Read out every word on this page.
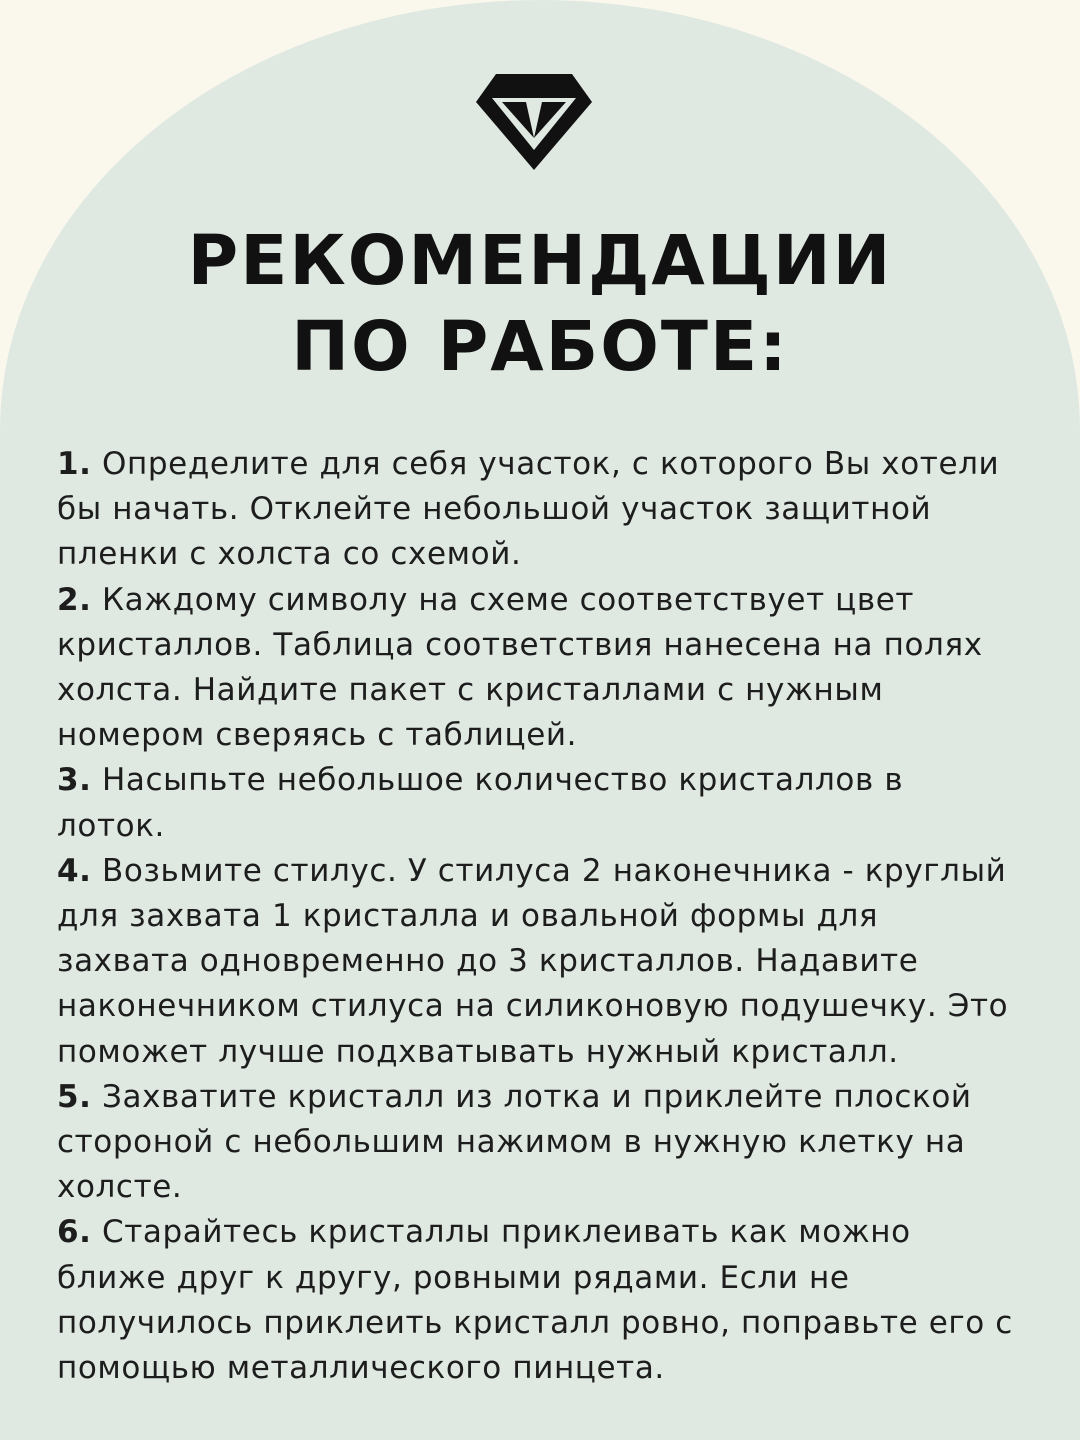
РЕКОМЕНДАЦИИ
ПО РАБОТЕ:
1. Определите для себя участок, с которого Вы хотели бы начать. Отклейте небольшой участок защитной пленки с холста со схемой.
2. Каждому символу на схеме соответствует цвет кристаллов. Таблица соответствия нанесена на полях холста. Найдите пакет с кристаллами с нужным номером сверяясь с таблицей.
3. Насыпьте небольшое количество кристаллов в лоток.
4. Возьмите стилус. У стилуса 2 наконечника - круглый для захвата 1 кристалла и овальной формы для захвата одновременно до 3 кристаллов. Надавите наконечником стилуса на силиконовую подушечку. Это поможет лучше подхватывать нужный кристалл.
5. Захватите кристалл из лотка и приклейте плоской стороной с небольшим нажимом в нужную клетку на холсте.
6. Старайтесь кристаллы приклеивать как можно ближе друг к другу, ровными рядами. Если не получилось приклеить кристалл ровно, поправьте его с помощью металлического пинцета.
